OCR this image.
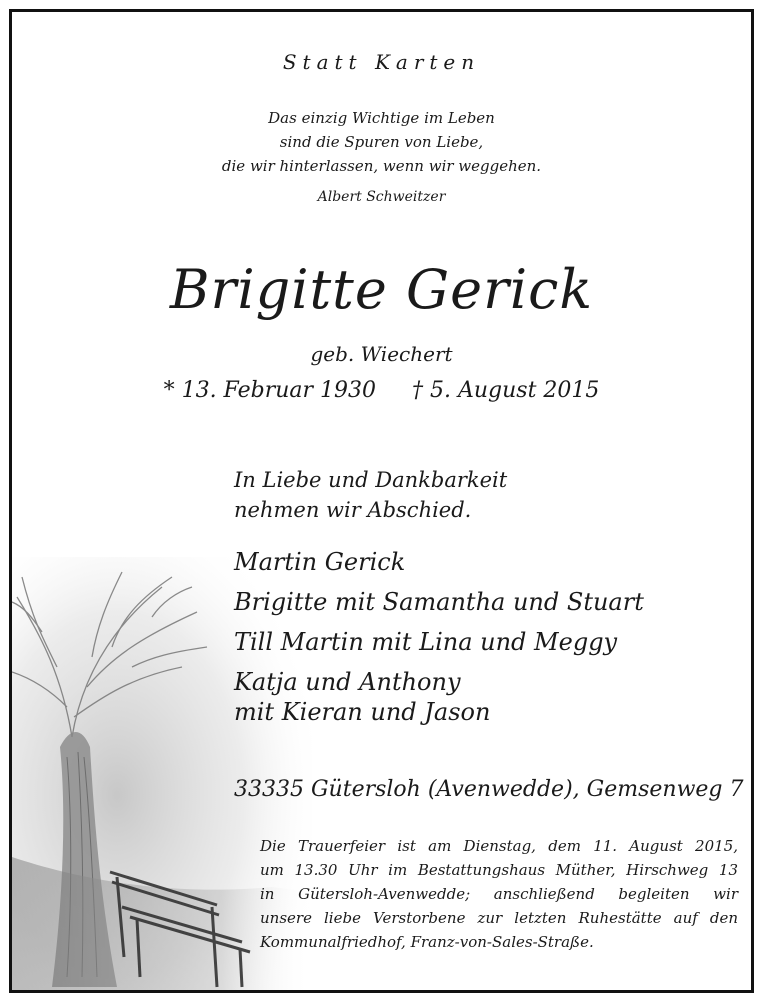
Statt Karten
Das einzig Wichtige im Leben
sind die Spuren von Liebe,
die wir hinterlassen, wenn wir weggehen.
Albert Schweitzer
Brigitte Gerick
geb. Wiechert
* 13. Februar 1930 † 5. August 2015
In Liebe und Dankbarkeit
nehmen wir Abschied.
Martin Gerick
Brigitte mit Samantha und Stuart
Till Martin mit Lina und Meggy
Katja und Anthony
mit Kieran und Jason
33335 Gütersloh (Avenwedde), Gemsenweg 7
Die Trauerfeier ist am Dienstag, dem 11. August 2015,
um 13.30 Uhr im Bestattungshaus Müther, Hirschweg 13
in Gütersloh-Avenwedde; anschließend begleiten wir
unsere liebe Verstorbene zur letzten Ruhestätte auf den
Kommunalfriedhof, Franz-von-Sales-Straße.
